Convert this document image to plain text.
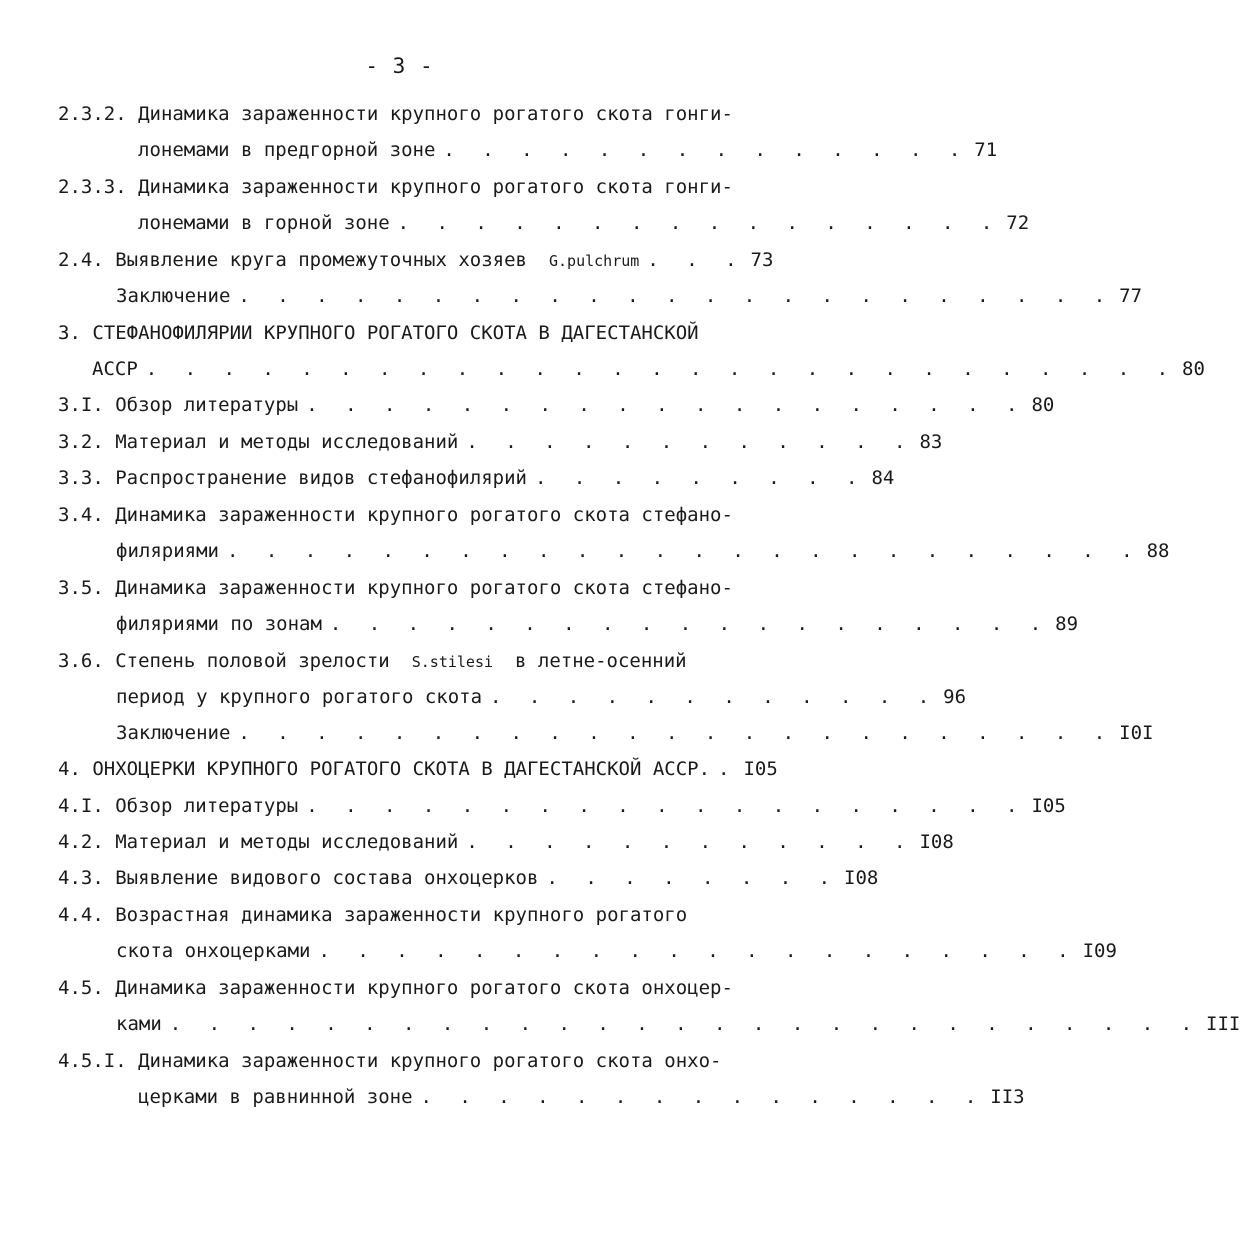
- 3 -
2.3.2. Динамика зараженности крупного рогатого скота гонги-
лонемами в предгорной зоне . . . . . . . . . . . . . . 71
2.3.3. Динамика зараженности крупного рогатого скота гонги-
лонемами в горной зоне . . . . . . . . . . . . . . . . 72
2.4. Выявление круга промежуточных хозяев	G.pulchrum . . . 73
Заключение . . . . . . . . . . . . . . . . . . . . . . . 77
3. СТЕФАНОФИЛЯРИИ КРУПНОГО РОГАТОГО СКОТА В ДАГЕСТАНСКОЙ
АССР . . . . . . . . . . . . . . . . . . . . . . . . . . . 80
3.I. Обзор литературы . . . . . . . . . . . . . . . . . . . 80
3.2. Материал и методы исследований . . . . . . . . . . . . 83
3.3. Распространение видов стефанофилярий . . . . . . . . . 84
3.4. Динамика зараженности крупного рогатого скота стефано-
филяриями . . . . . . . . . . . . . . . . . . . . . . . . 88
3.5. Динамика зараженности крупного рогатого скота стефано-
филяриями по зонам . . . . . . . . . . . . . . . . . . . 89
3.6. Степень половой зрелости	S.stilesi	в летне-осенний
период у крупного рогатого скота . . . . . . . . . . . . 96
Заключение . . . . . . . . . . . . . . . . . . . . . . . I0I
4. ОНХОЦЕРКИ КРУПНОГО РОГАТОГО СКОТА В ДАГЕСТАНСКОЙ АССР. . I05
4.I. Обзор литературы . . . . . . . . . . . . . . . . . . . I05
4.2. Материал и методы исследований . . . . . . . . . . . . I08
4.3. Выявление видового состава онхоцерков . . . . . . . . I08
4.4. Возрастная динамика зараженности крупного рогатого
скота онхоцерками . . . . . . . . . . . . . . . . . . . . I09
4.5. Динамика зараженности крупного рогатого скота онхоцер-
ками . . . . . . . . . . . . . . . . . . . . . . . . . . . III
4.5.I. Динамика зараженности крупного рогатого скота онхо-
церками в равнинной зоне . . . . . . . . . . . . . . . II3
